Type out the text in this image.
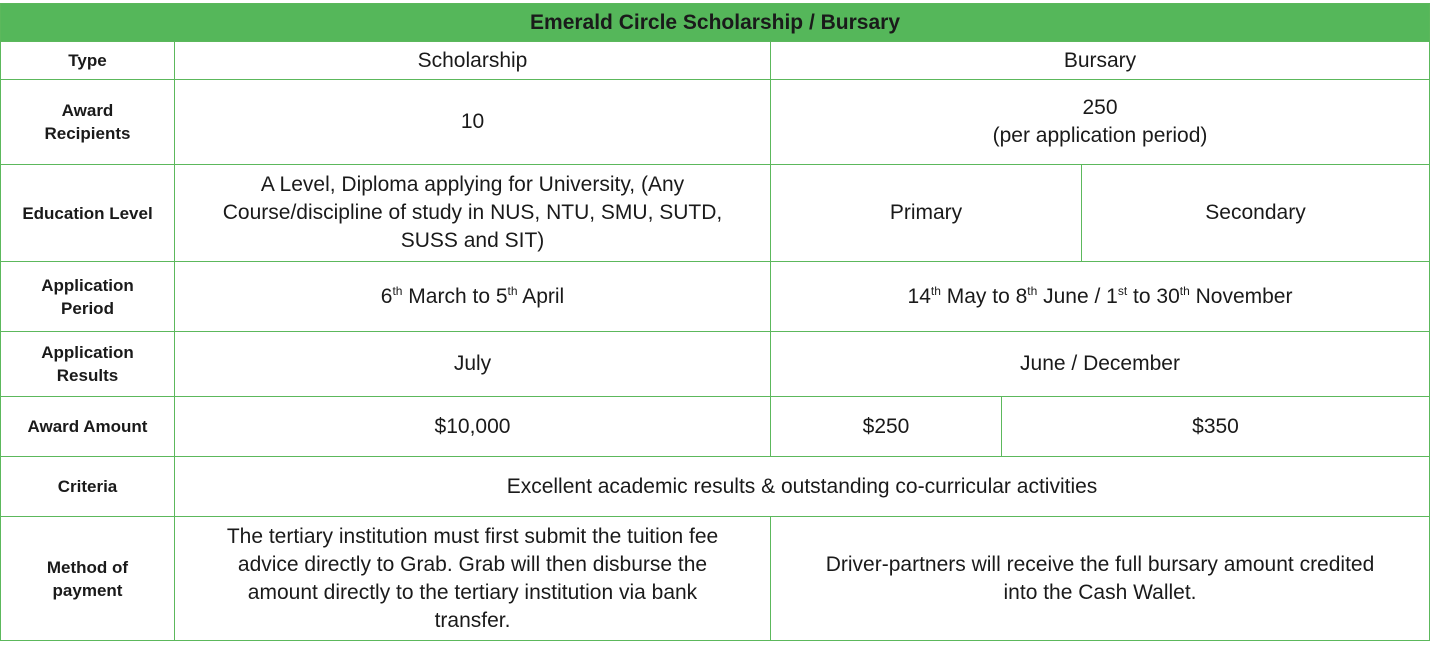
Emerald Circle Scholarship / Bursary				
Type	Scholarship	Bursary		

Award
Recipients	10	250
(per application period)		

Education Level	A Level, Diploma applying for University, (Any
Course/discipline of study in NUS, NTU, SMU, SUTD,
SUSS and SIT)	Primary		Secondary

Application
Period	6th March to 5th April	14th May to 8th June / 1st to 30th November		

Application
Results	July	June / December		
Award Amount	$10,000	$250	$350	
Criteria	Excellent academic results & outstanding co-curricular activities			

Method of
payment	The tertiary institution must first submit the tuition fee
advice directly to Grab. Grab will then disburse the
amount directly to the tertiary institution via bank
transfer.	Driver-partners will receive the full bursary amount credited
into the Cash Wallet.		
